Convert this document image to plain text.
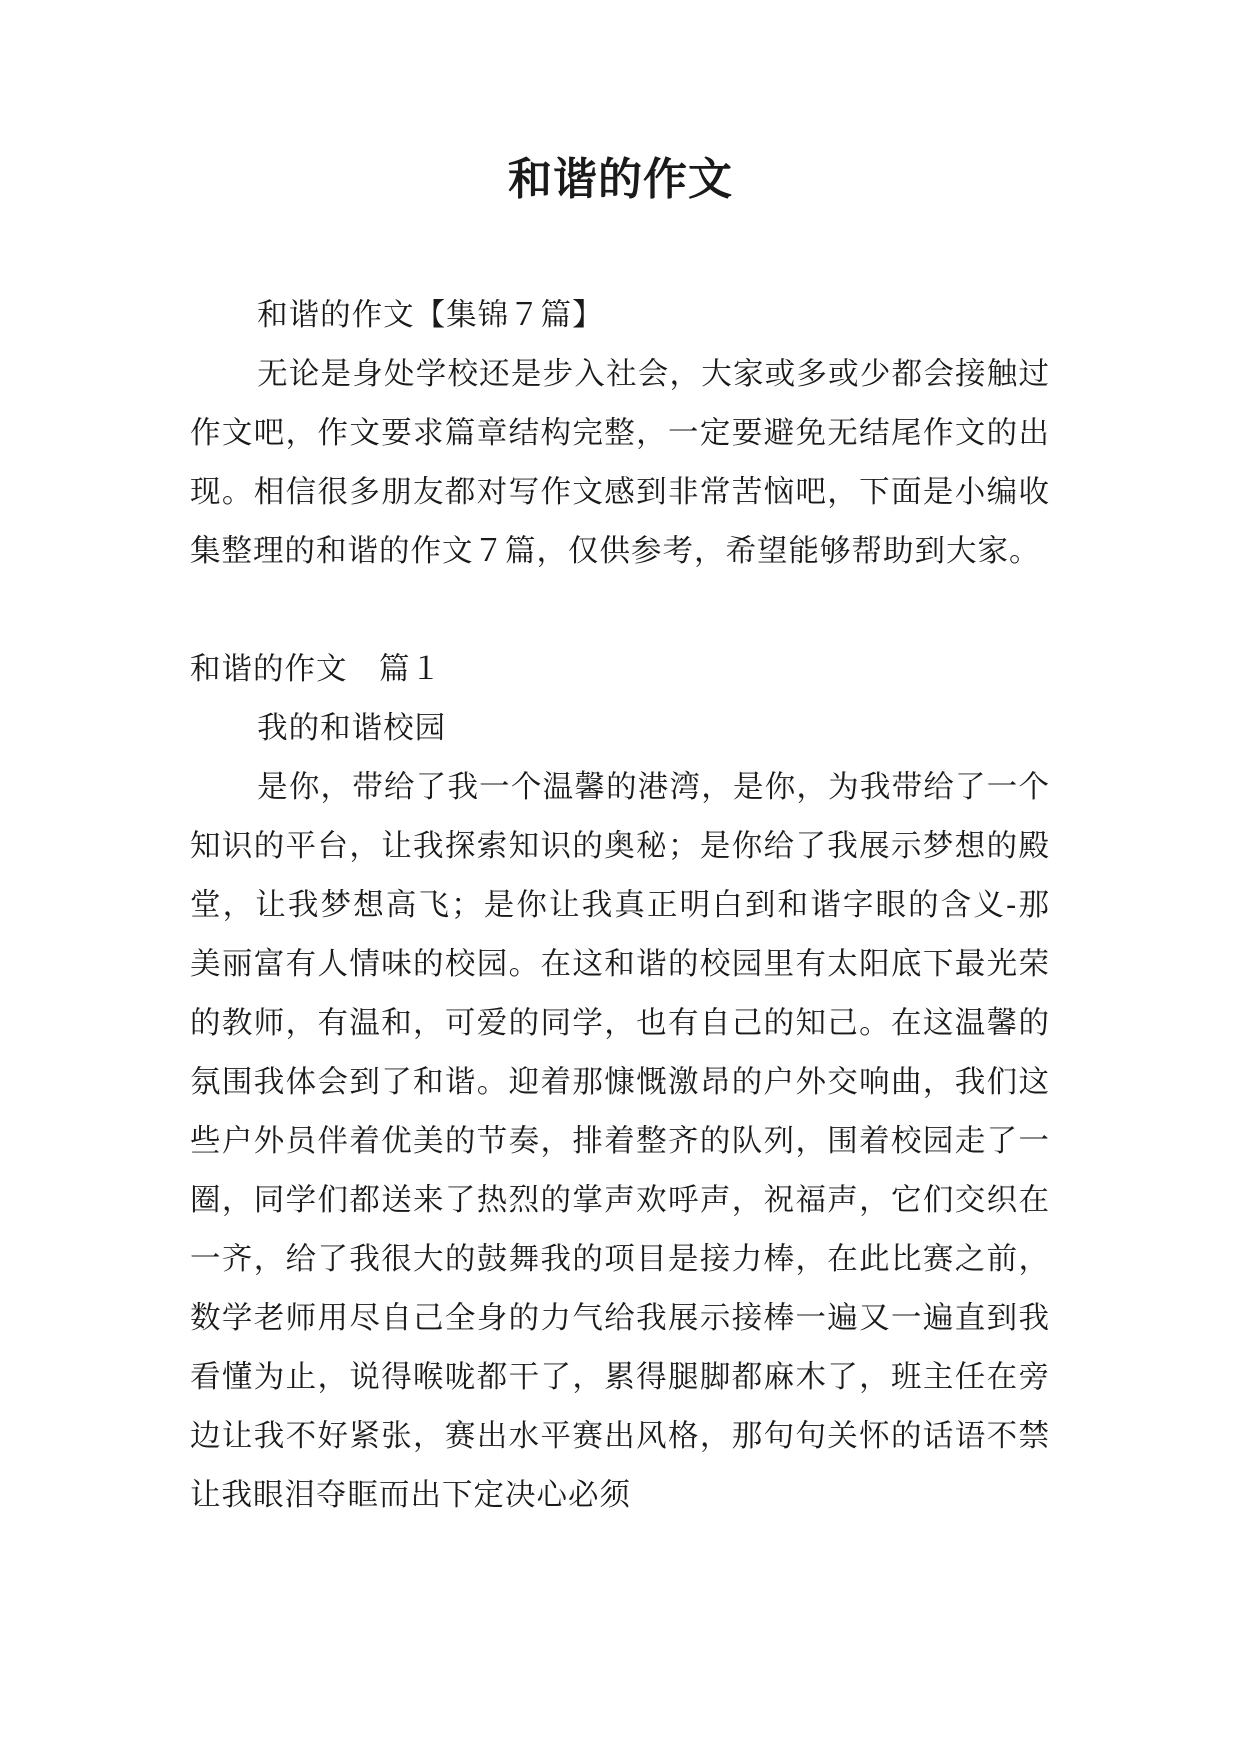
和谐的作文

和谐的作文【集锦７篇】

无论是身处学校还是步入社会，大家或多或少都会接触过作文吧，作文要求篇章结构完整，一定要避免无结尾作文的出现。相信很多朋友都对写作文感到非常苦恼吧，下面是小编收集整理的和谐的作文７篇，仅供参考，希望能够帮助到大家。

和谐的作文　篇１

我的和谐校园

是你，带给了我一个温馨的港湾，是你，为我带给了一个知识的平台，让我探索知识的奥秘；是你给了我展示梦想的殿堂，让我梦想高飞；是你让我真正明白到和谐字眼的含义-那美丽富有人情味的校园。在这和谐的校园里有太阳底下最光荣的教师，有温和，可爱的同学，也有自己的知己。在这温馨的氛围我体会到了和谐。迎着那慷慨激昂的户外交响曲，我们这些户外员伴着优美的节奏，排着整齐的队列，围着校园走了一圈，同学们都送来了热烈的掌声欢呼声，祝福声，它们交织在一齐，给了我很大的鼓舞我的项目是接力棒，在此比赛之前，数学老师用尽自己全身的力气给我展示接棒一遍又一遍直到我看懂为止，说得喉咙都干了，累得腿脚都麻木了，班主任在旁边让我不好紧张，赛出水平赛出风格，那句句关怀的话语不禁让我眼泪夺眶而出下定决心必须
